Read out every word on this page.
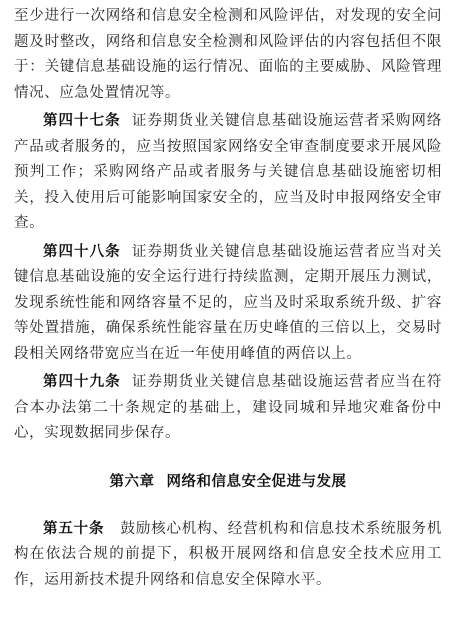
至少进行一次网络和信息安全检测和风险评估，对发现的安全问题及时整改，网络和信息安全检测和风险评估的内容包括但不限于：关键信息基础设施的运行情况、面临的主要威胁、风险管理情况、应急处置情况等。

第四十七条 证券期货业关键信息基础设施运营者采购网络产品或者服务的，应当按照国家网络安全审查制度要求开展风险预判工作；采购网络产品或者服务与关键信息基础设施密切相关，投入使用后可能影响国家安全的，应当及时申报网络安全审查。

第四十八条 证券期货业关键信息基础设施运营者应当对关键信息基础设施的安全运行进行持续监测，定期开展压力测试，发现系统性能和网络容量不足的，应当及时采取系统升级、扩容等处置措施，确保系统性能容量在历史峰值的三倍以上，交易时段相关网络带宽应当在近一年使用峰值的两倍以上。

第四十九条 证券期货业关键信息基础设施运营者应当在符合本办法第二十条规定的基础上，建设同城和异地灾难备份中心，实现数据同步保存。

第六章 网络和信息安全促进与发展

第五十条 鼓励核心机构、经营机构和信息技术系统服务机构在依法合规的前提下，积极开展网络和信息安全技术应用工作，运用新技术提升网络和信息安全保障水平。
